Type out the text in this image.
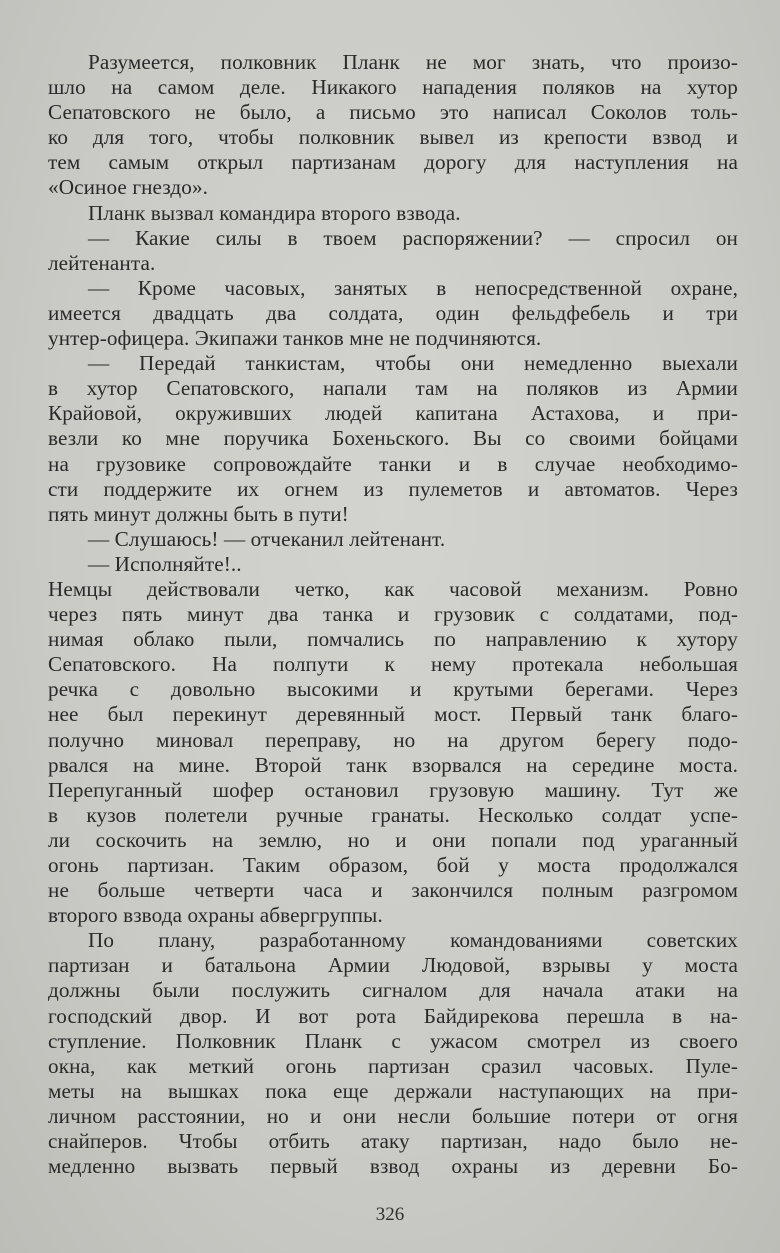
Разумеется, полковник Планк не мог знать, что произо-
шло на самом деле. Никакого нападения поляков на хутор
Сепатовского не было, а письмо это написал Соколов толь-
ко для того, чтобы полковник вывел из крепости взвод и
тем самым открыл партизанам дорогу для наступления на
«Осиное гнездо».
Планк вызвал командира второго взвода.
— Какие силы в твоем распоряжении? — спросил он
лейтенанта.
— Кроме часовых, занятых в непосредственной охране,
имеется двадцать два солдата, один фельдфебель и три
унтер-офицера. Экипажи танков мне не подчиняются.
— Передай танкистам, чтобы они немедленно выехали
в хутор Сепатовского, напали там на поляков из Армии
Крайовой, окруживших людей капитана Астахова, и при-
везли ко мне поручика Бохеньского. Вы со своими бойцами
на грузовике сопровождайте танки и в случае необходимо-
сти поддержите их огнем из пулеметов и автоматов. Через
пять минут должны быть в пути!
— Слушаюсь! — отчеканил лейтенант.
— Исполняйте!..
Немцы действовали четко, как часовой механизм. Ровно
через пять минут два танка и грузовик с солдатами, под-
нимая облако пыли, помчались по направлению к хутору
Сепатовского. На полпути к нему протекала небольшая
речка с довольно высокими и крутыми берегами. Через
нее был перекинут деревянный мост. Первый танк благо-
получно миновал переправу, но на другом берегу подо-
рвался на мине. Второй танк взорвался на середине моста.
Перепуганный шофер остановил грузовую машину. Тут же
в кузов полетели ручные гранаты. Несколько солдат успе-
ли соскочить на землю, но и они попали под ураганный
огонь партизан. Таким образом, бой у моста продолжался
не больше четверти часа и закончился полным разгромом
второго взвода охраны абвергруппы.
По плану, разработанному командованиями советских
партизан и батальона Армии Людовой, взрывы у моста
должны были послужить сигналом для начала атаки на
господский двор. И вот рота Байдирекова перешла в на-
ступление. Полковник Планк с ужасом смотрел из своего
окна, как меткий огонь партизан сразил часовых. Пуле-
меты на вышках пока еще держали наступающих на при-
личном расстоянии, но и они несли большие потери от огня
снайперов. Чтобы отбить атаку партизан, надо было не-
медленно вызвать первый взвод охраны из деревни Бо-
326
